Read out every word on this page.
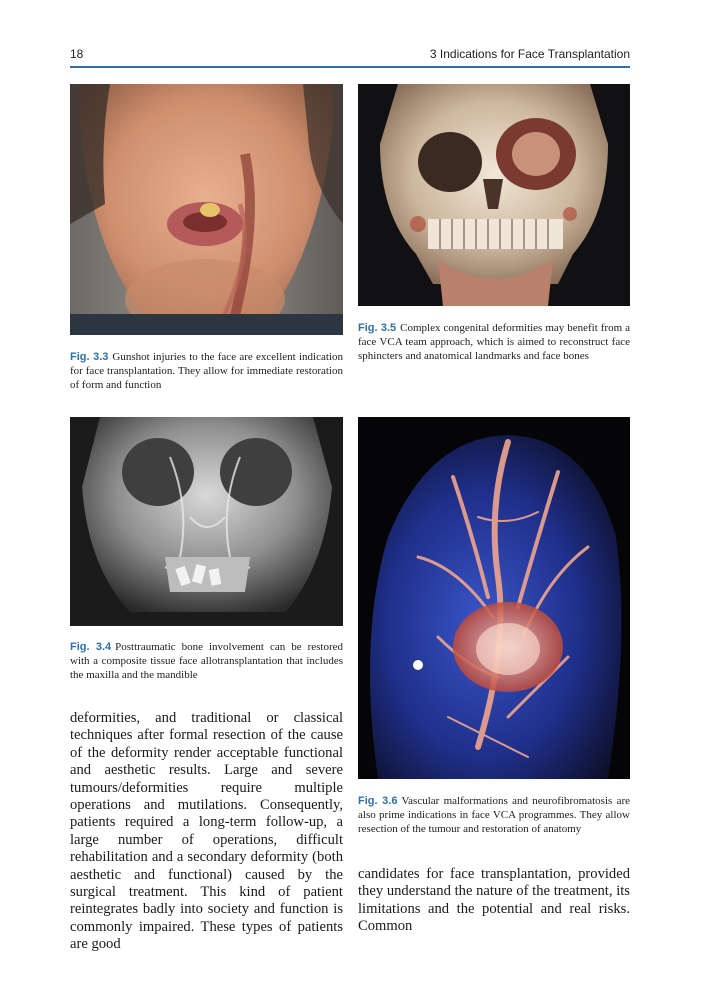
18	3 Indications for Face Transplantation
Fig. 3.3 Gunshot injuries to the face are excellent indication for face transplantation. They allow for immediate restoration of form and function
Fig. 3.5 Complex congenital deformities may benefit from a face VCA team approach, which is aimed to reconstruct face sphincters and anatomical landmarks and face bones
Fig. 3.4 Posttraumatic bone involvement can be restored with a composite tissue face allotransplantation that includes the maxilla and the mandible
Fig. 3.6 Vascular malformations and neurofibromatosis are also prime indications in face VCA programmes. They allow resection of the tumour and restoration of anatomy
deformities, and traditional or classical techniques after formal resection of the cause of the deformity render acceptable functional and aesthetic results. Large and severe tumours/deformities require multiple operations and mutilations. Consequently, patients required a long-term follow-up, a large number of operations, difficult rehabilitation and a secondary deformity (both aesthetic and functional) caused by the surgical treatment. This kind of patient reintegrates badly into society and function is commonly impaired. These types of patients are good
candidates for face transplantation, provided they understand the nature of the treatment, its limitations and the potential and real risks. Common
